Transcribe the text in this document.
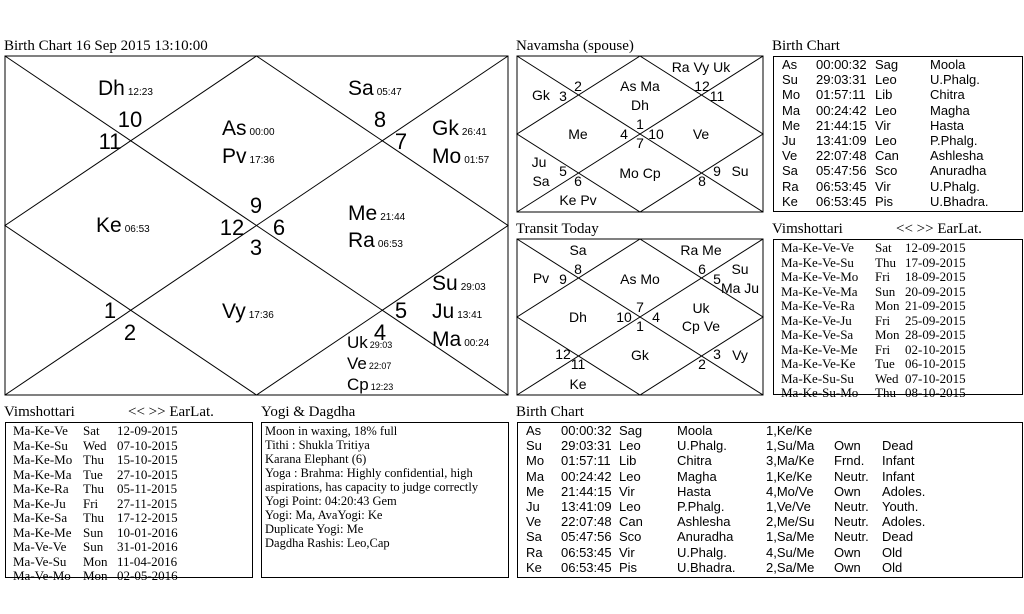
Birth Chart 16 Sep 2015 13:10:00	Navamsha (spouse)	Birth Chart
Transit Today	Vimshottari	<< >> EarLat.
Vimshottari	<< >> EarLat.	Yogi & Dagdha	Birth Chart
10
11
8
7
12
9
6
3
1
2
5
4
Dh 12:23	Sa 05:47
As 00:00
Pv 17:36
Gk 26:41
Mo 01:57
Ke 06:53
Me 21:44
Ra 06:53
Vy 17:36
Su 29:03
Ju 13:41
Ma 00:24
Uk 29:03
Ve 22:07
Cp 12:23
2
3
12
11
4
1
10
7
5
6
9
8
Ra Vy Uk
Gk
As Ma
Dh
Me	Ve
Ju
Sa	Mo Cp	Su
Ke Pv
8
9
6
5
10
7
4
1
12
11
3
2
Sa	Ra Me
Pv	As Mo
Su
Ma Ju
Dh
Uk
Cp Ve
Gk	Vy
Ke
As 00:00:32 Sag Moola
Su 29:03:31 Leo	U.Phalg.
Mo 01:57:11 Lib	Chitra
Ma 00:24:42 Leo	Magha
Me 21:44:15 Vir	Hasta
Ju 13:41:09 Leo	P.Phalg.
Ve 22:07:48 Can Ashlesha
Sa 05:47:56 Sco	Anuradha
Ra 06:53:45 Vir	U.Phalg.
Ke 06:53:45 Pis	U.Bhadra.
Ma-Ke-Ve-Ve Sat 12-09-2015
Ma-Ke-Ve-Su Thu 17-09-2015
Ma-Ke-Ve-Mo Fri 18-09-2015
Ma-Ke-Ve-Ma Sun 20-09-2015
Ma-Ke-Ve-Ra Mon 21-09-2015
Ma-Ke-Ve-Ju Fri 25-09-2015
Ma-Ke-Ve-Sa Mon 28-09-2015
Ma-Ke-Ve-Me Fri 02-10-2015
Ma-Ke-Ve-Ke Tue 06-10-2015
Ma-Ke-Su-Su Wed 07-10-2015
Ma-Ke-Su-Mo Thu 08-10-2015
Ma-Ke-Ve Sat 12-09-2015
Ma-Ke-Su Wed 07-10-2015
Ma-Ke-Mo Thu 15-10-2015
Ma-Ke-Ma Tue 27-10-2015
Ma-Ke-Ra Thu 05-11-2015
Ma-Ke-Ju Fri 27-11-2015
Ma-Ke-Sa Thu 17-12-2015
Ma-Ke-Me Sun 10-01-2016
Ma-Ve-Ve Sun 31-01-2016
Ma-Ve-Su Mon 11-04-2016
Ma-Ve-Mo Mon 02-05-2016
Moon in waxing, 18% full
Tithi : Shukla Tritiya
Karana Elephant (6)
Yoga : Brahma: Highly confidential, high
aspirations, has capacity to judge correctly
Yogi Point: 04:20:43 Gem
Yogi: Ma, AvaYogi: Ke
Duplicate Yogi: Me
Dagdha Rashis: Leo,Cap
As 00:00:32 Sag	Moola	1,Ke/Ke
Su 29:03:31 Leo	U.Phalg.	1,Su/Ma Own Dead
Mo 01:57:11 Lib	Chitra	3,Ma/Ke Frnd. Infant
Ma 00:24:42 Leo	Magha	1,Ke/Ke Neutr. Infant
Me 21:44:15 Vir	Hasta	4,Mo/Ve Own Adoles.
Ju 13:41:09 Leo	P.Phalg.	1,Ve/Ve Neutr. Youth.
Ve 22:07:48 Can	Ashlesha	2,Me/Su Neutr. Adoles.
Sa 05:47:56 Sco	Anuradha	1,Sa/Me Neutr. Dead
Ra 06:53:45 Vir	U.Phalg.	4,Su/Me Own Old
Ke 06:53:45 Pis	U.Bhadra. 2,Sa/Me Own Old
